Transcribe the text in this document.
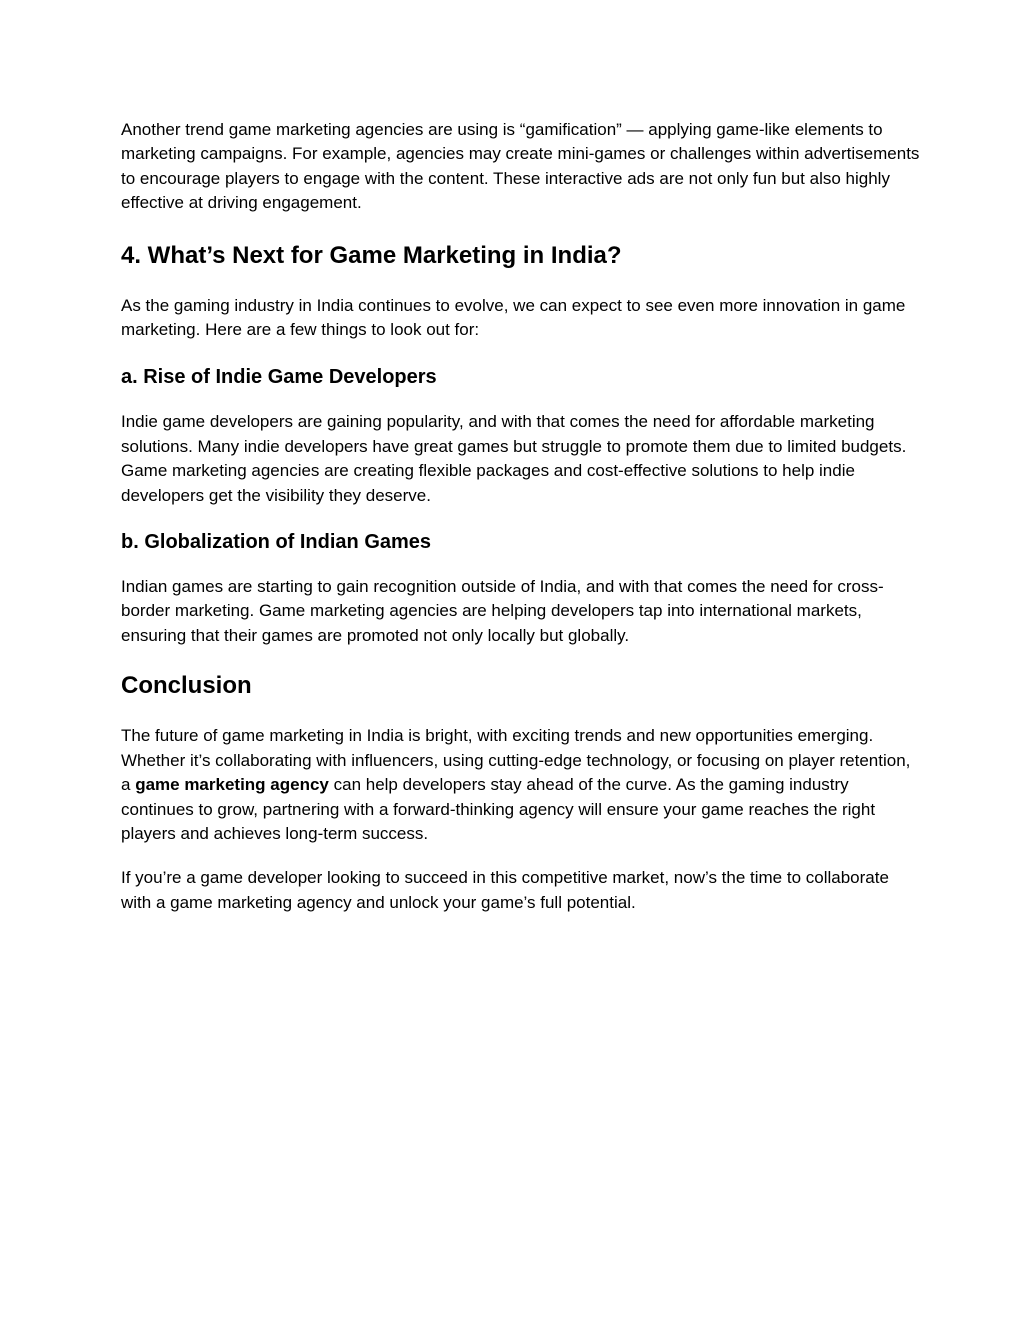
Another trend game marketing agencies are using is “gamification” — applying game-like elements to marketing campaigns. For example, agencies may create mini-games or challenges within advertisements to encourage players to engage with the content. These interactive ads are not only fun but also highly effective at driving engagement.

4. What’s Next for Game Marketing in India?

As the gaming industry in India continues to evolve, we can expect to see even more innovation in game marketing. Here are a few things to look out for:

a. Rise of Indie Game Developers

Indie game developers are gaining popularity, and with that comes the need for affordable marketing solutions. Many indie developers have great games but struggle to promote them due to limited budgets. Game marketing agencies are creating flexible packages and cost-effective solutions to help indie developers get the visibility they deserve.

b. Globalization of Indian Games

Indian games are starting to gain recognition outside of India, and with that comes the need for cross-border marketing. Game marketing agencies are helping developers tap into international markets, ensuring that their games are promoted not only locally but globally.

Conclusion

The future of game marketing in India is bright, with exciting trends and new opportunities emerging. Whether it’s collaborating with influencers, using cutting-edge technology, or focusing on player retention, a game marketing agency can help developers stay ahead of the curve. As the gaming industry continues to grow, partnering with a forward-thinking agency will ensure your game reaches the right players and achieves long-term success.

If you’re a game developer looking to succeed in this competitive market, now’s the time to collaborate with a game marketing agency and unlock your game’s full potential.
